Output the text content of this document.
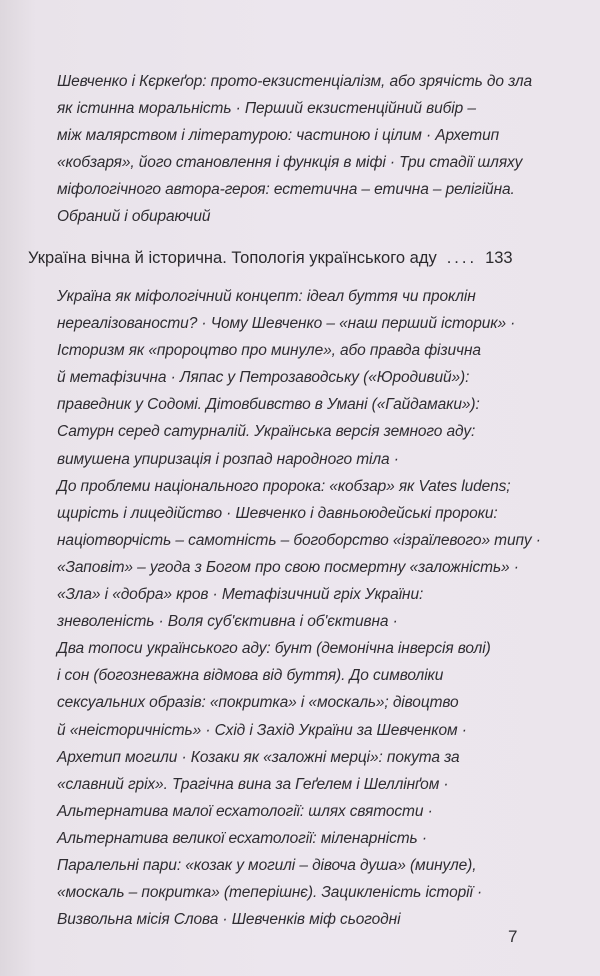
Шевченко і Кєркеґор: прото-екзистенціалізм, або зрячість до зла
як істинна моральність · Перший екзистенційний вибір –
між малярством і літературою: частиною і цілим · Архетип
«кобзаря», його становлення і функція в міфі · Три стадії шляху
міфологічного автора-героя: естетична – етична – релігійна.
Обраний і обираючий
Україна вічна й історична. Топологія українського аду .... 133
Україна як міфологічний концепт: ідеал буття чи проклін
нереалізованости? · Чому Шевченко – «наш перший історик» ·
Історизм як «пророцтво про минуле», або правда фізична
й метафізична · Ляпас у Петрозаводську («Юродивий»):
праведник у Содомі. Дітовбивство в Умані («Гайдамаки»):
Сатурн серед сатурналій. Українська версія земного аду:
вимушена упиризація і розпад народного тіла ·
До проблеми національного пророка: «кобзар» як Vates ludens;
щирість і лицедійство · Шевченко і давньоюдейські пророки:
націотворчість – самотність – богоборство «ізраїлевого» типу ·
«Заповіт» – угода з Богом про свою посмертну «заложність» ·
«Зла» і «добра» кров · Метафізичний гріх України:
зневоленість · Воля суб'єктивна і об'єктивна ·
Два топоси українського аду: бунт (демонічна інверсія волі)
і сон (богозневажна відмова від буття). До символіки
сексуальних образів: «покритка» і «москаль»; дівоцтво
й «неісторичність» · Схід і Захід України за Шевченком ·
Архетип могили · Козаки як «заложні мерці»: покута за
«славний гріх». Трагічна вина за Геґелем і Шеллінґом ·
Альтернатива малої есхатології: шлях святости ·
Альтернатива великої есхатології: міленарність ·
Паралельні пари: «козак у могилі – дівоча душа» (минуле),
«москаль – покритка» (теперішнє). Зацикленість історії ·
Визвольна місія Слова · Шевченків міф сьогодні
7
